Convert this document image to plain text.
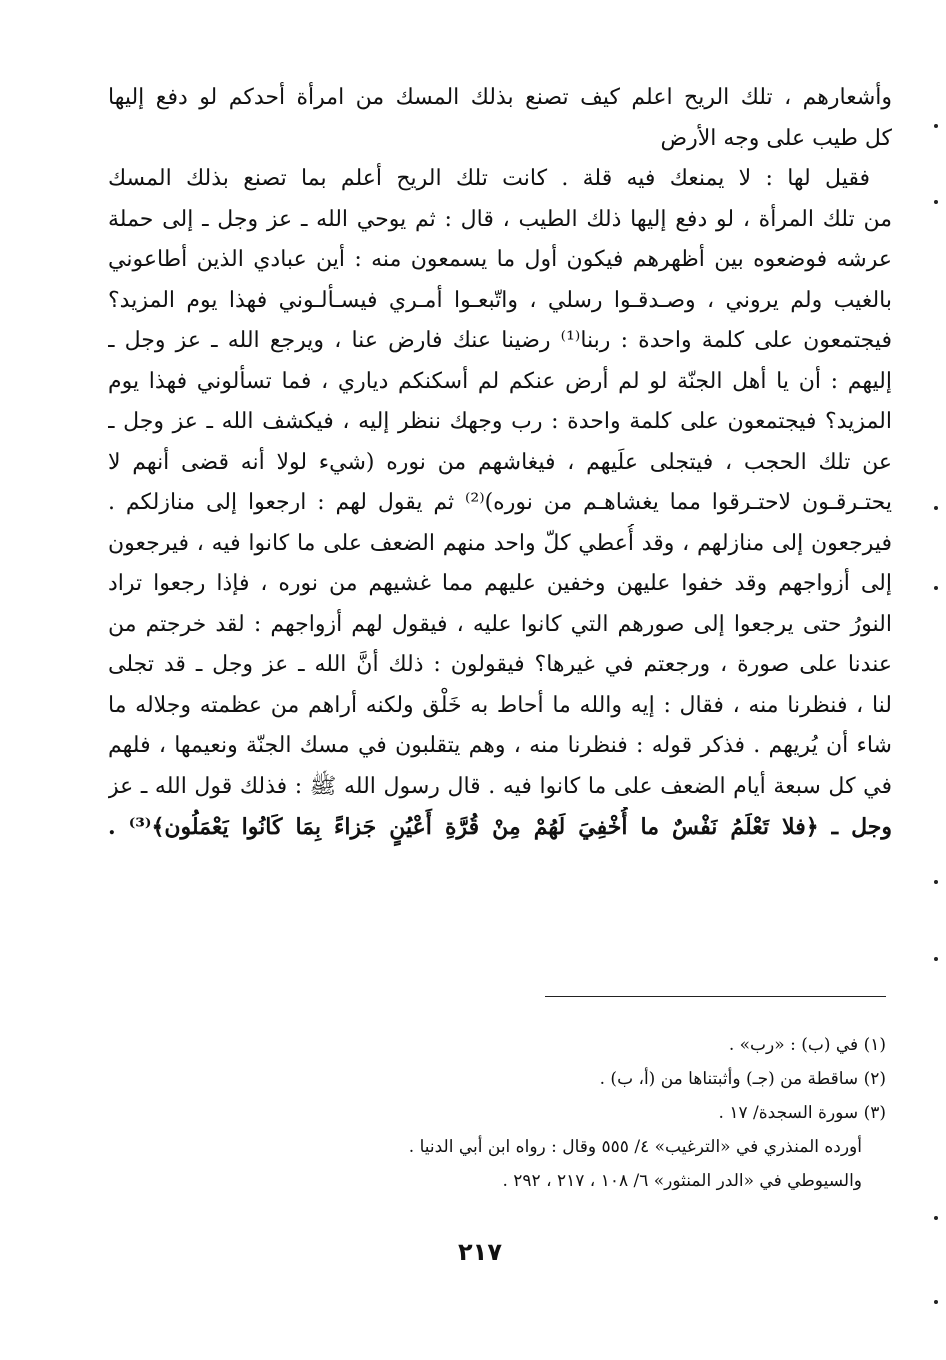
وأشعارهم ، تلك الريح اعلم كيف تصنع بذلك المسك من امرأة أحدكم لو دفع إليها
كل طيب على وجه الأرض
فقيل لها : لا يمنعك فيه قلة . كانت تلك الريح أعلم بما تصنع بذلك المسك
من تلك المرأة ، لو دفع إليها ذلك الطيب ، قال : ثم يوحي الله ـ عز وجل ـ إلى حملة
عرشه فوضعوه بين أظهرهم فيكون أول ما يسمعون منه : أين عبادي الذين أطاعوني
بالغيب ولم يروني ، وصـدقـوا رسلي ، واتّبعـوا أمـري فيسـألـوني فهذا يوم المزيد؟
فيجتمعون على كلمة واحدة : ربنا⁽¹⁾ رضينا عنك فارض عنا ، ويرجع الله ـ عز وجل ـ
إليهم : أن يا أهل الجنّة لو لم أرض عنكم لم أسكنكم دياري ، فما تسألوني فهذا يوم
المزيد؟ فيجتمعون على كلمة واحدة : رب وجهك ننظر إليه ، فيكشف الله ـ عز وجل ـ
عن تلك الحجب ، فيتجلى علَيهم ، فيغاشهم من نوره (شيء لولا أنه قضى أنهم لا
يحتـرقـون لاحتـرقوا مما يغشاهـم من نوره)⁽²⁾ ثم يقول لهم : ارجعوا إلى منازلكم .
فيرجعون إلى منازلهم ، وقد أُعطي كلّ واحد منهم الضعف على ما كانوا فيه ، فيرجعون
إلى أزواجهم وقد خفوا عليهن وخفين عليهم مما غشيهم من نوره ، فإذا رجعوا تراد
النورُ حتى يرجعوا إلى صورهم التي كانوا عليه ، فيقول لهم أزواجهم : لقد خرجتم من
عندنا على صورة ، ورجعتم في غيرها؟ فيقولون : ذلك أنَّ الله ـ عز وجل ـ قد تجلى
لنا ، فنظرنا منه ، فقال : إيه والله ما أحاط به خَلْق ولكنه أراهم من عظمته وجلاله ما
شاء أن يُريهم . فذكر قوله : فنظرنا منه ، وهم يتقلبون في مسك الجنّة ونعيمها ، فلهم
في كل سبعة أيام الضعف على ما كانوا فيه . قال رسول الله ﷺ : فذلك قول الله ـ عز
وجل ـ ﴿فلا تَعْلَمُ نَفْسٌ ما أُخْفِيَ لَهُمْ مِنْ قُرَّةِ أَعْيُنٍ جَزاءً بِمَا كَانُوا يَعْمَلُون﴾⁽³⁾ .
(١) في (ب) : «رب» .
(٢) ساقطة من (جـ) وأثبتناها من (أ، ب) .
(٣) سورة السجدة/ ١٧ .
أورده المنذري في «الترغيب» ٤/ ٥٥٥ وقال : رواه ابن أبي الدنيا .
والسيوطي في «الدر المنثور» ٦/ ١٠٨ ، ٢١٧ ، ٢٩٢ .
٢١٧
